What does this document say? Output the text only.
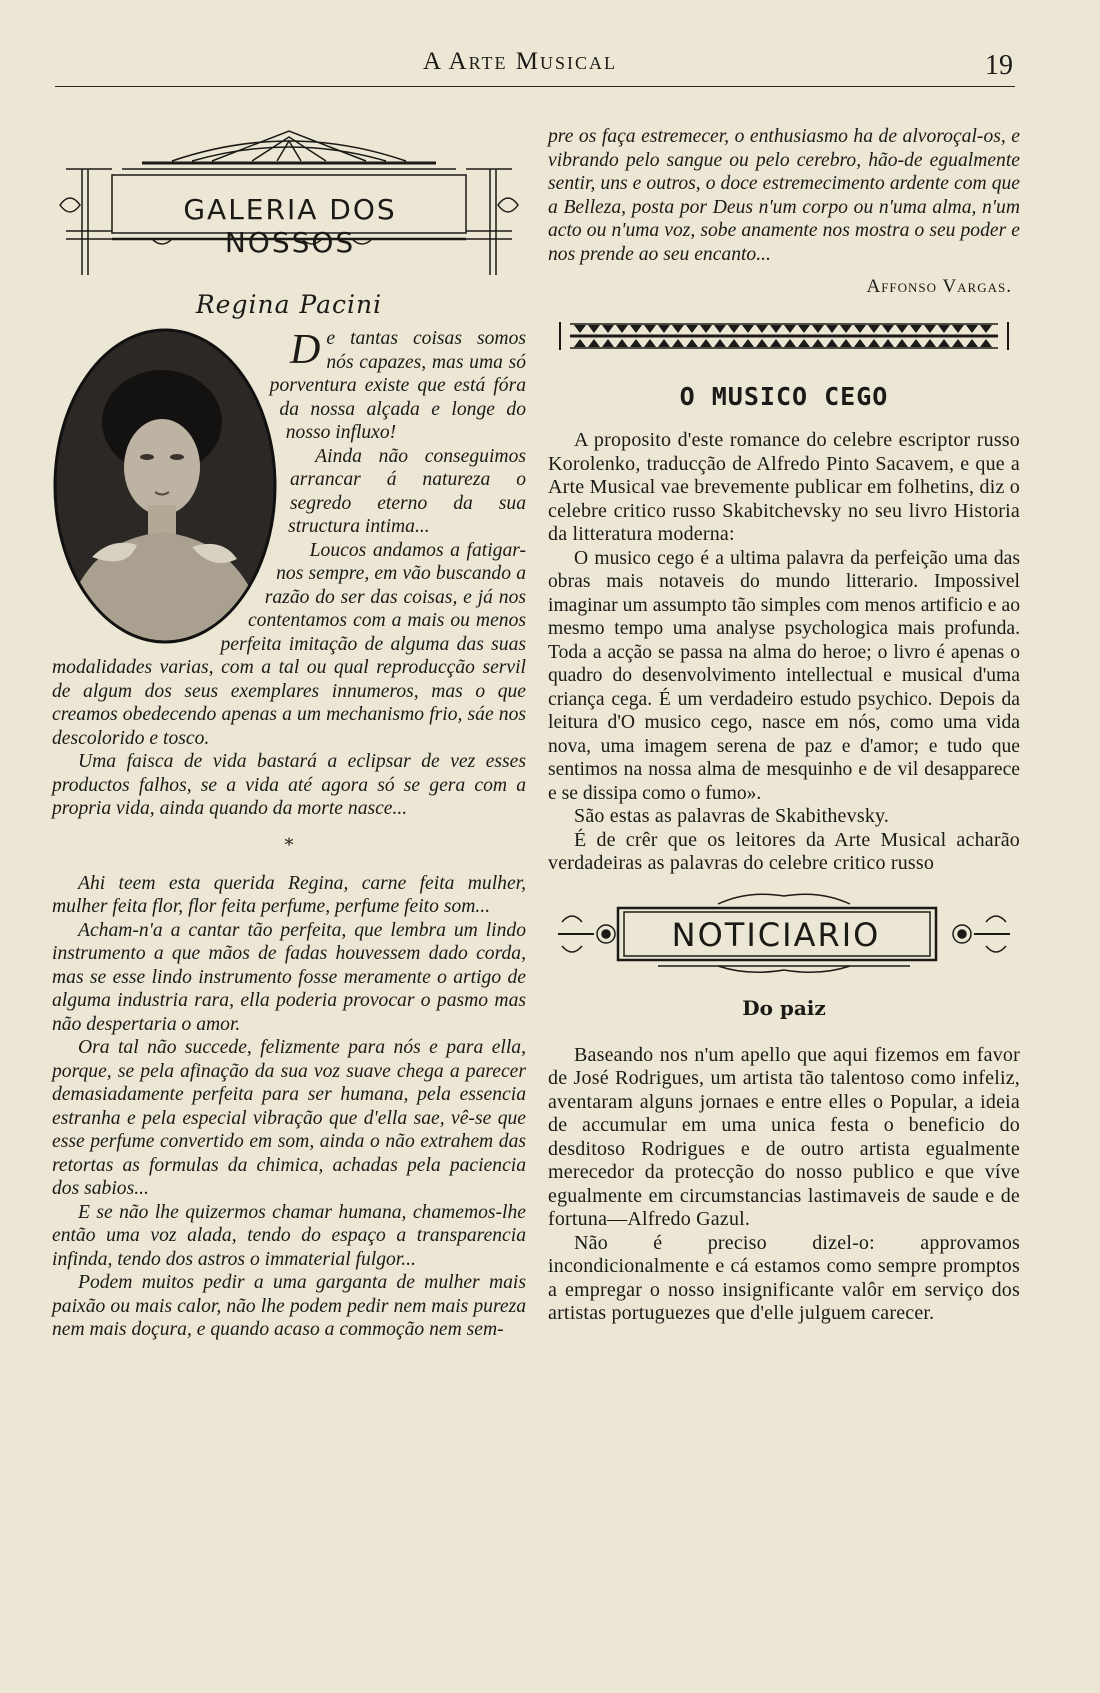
A Arte Musical	19
GALERIA DOS NOSSOS
Regina Pacini

De tantas coisas somos nós capazes, mas uma só porventura existe que está fóra da nossa alçada e longe do nosso influxo!

Ainda não conseguimos arrancar á natureza o segredo eterno da sua structura intima...

Loucos andamos a fatigar-nos sempre, em vão buscando a razão do ser das coisas, e já nos contentamos com a mais ou menos perfeita imitação de alguma das suas modalidades varias, com a tal ou qual reproducção servil de algum dos seus exemplares innumeros, mas o que creamos obedecendo apenas a um mechanismo frio, sáe nos descolorido e tosco.

Uma faisca de vida bastará a eclipsar de vez esses productos falhos, se a vida até agora só se gera com a propria vida, ainda quando da morte nasce...

*

Ahi teem esta querida Regina, carne feita mulher, mulher feita flor, flor feita perfume, perfume feito som...

Acham-n'a a cantar tão perfeita, que lembra um lindo instrumento a que mãos de fadas houvessem dado corda, mas se esse lindo instrumento fosse meramente o artigo de alguma industria rara, ella poderia provocar o pasmo mas não despertaria o amor.

Ora tal não succede, felizmente para nós e para ella, porque, se pela afinação da sua voz suave chega a parecer demasiadamente perfeita para ser humana, pela essencia estranha e pela especial vibração que d'ella sae, vê-se que esse perfume convertido em som, ainda o não extrahem das retortas as formulas da chimica, achadas pela paciencia dos sabios...

E se não lhe quizermos chamar humana, chamemos-lhe então uma voz alada, tendo do espaço a transparencia infinda, tendo dos astros o immaterial fulgor...

Podem muitos pedir a uma garganta de mulher mais paixão ou mais calor, não lhe podem pedir nem mais pureza nem mais doçura, e quando acaso a commoção nem sem-

pre os faça estremecer, o enthusiasmo ha de alvoroçal-os, e vibrando pelo sangue ou pelo cerebro, hão-de egualmente sentir, uns e outros, o doce estremecimento ardente com que a Belleza, posta por Deus n'um corpo ou n'uma alma, n'um acto ou n'uma voz, sobe anamente nos mostra o seu poder e nos prende ao seu encanto...

Affonso Vargas.
O MUSICO CEGO

A proposito d'este romance do celebre escriptor russo Korolenko, traducção de Alfredo Pinto Sacavem, e que a Arte Musical vae brevemente publicar em folhetins, diz o celebre critico russo Skabitchevsky no seu livro Historia da litteratura moderna:

O musico cego é a ultima palavra da perfeição uma das obras mais notaveis do mundo litterario. Impossivel imaginar um assumpto tão simples com menos artificio e ao mesmo tempo uma analyse psychologica mais profunda. Toda a acção se passa na alma do heroe; o livro é apenas o quadro do desenvolvimento intellectual e musical d'uma criança cega. É um verdadeiro estudo psychico. Depois da leitura d'O musico cego, nasce em nós, como uma vida nova, uma imagem serena de paz e d'amor; e tudo que sentimos na nossa alma de mesquinho e de vil desapparece e se dissipa como o fumo».

São estas as palavras de Skabithevsky.

É de crêr que os leitores da Arte Musical acharão verdadeiras as palavras do celebre critico russo

NOTICIARIO
Do paiz

Baseando nos n'um apello que aqui fizemos em favor de José Rodrigues, um artista tão talentoso como infeliz, aventaram alguns jornaes e entre elles o Popular, a ideia de accumular em uma unica festa o beneficio do desditoso Rodrigues e de outro artista egualmente merecedor da protecção do nosso publico e que víve egualmente em circumstancias lastimaveis de saude e de fortuna—Alfredo Gazul.

Não é preciso dizel-o: approvamos incondicionalmente e cá estamos como sempre promptos a empregar o nosso insignificante valôr em serviço dos artistas portuguezes que d'elle julguem carecer.
